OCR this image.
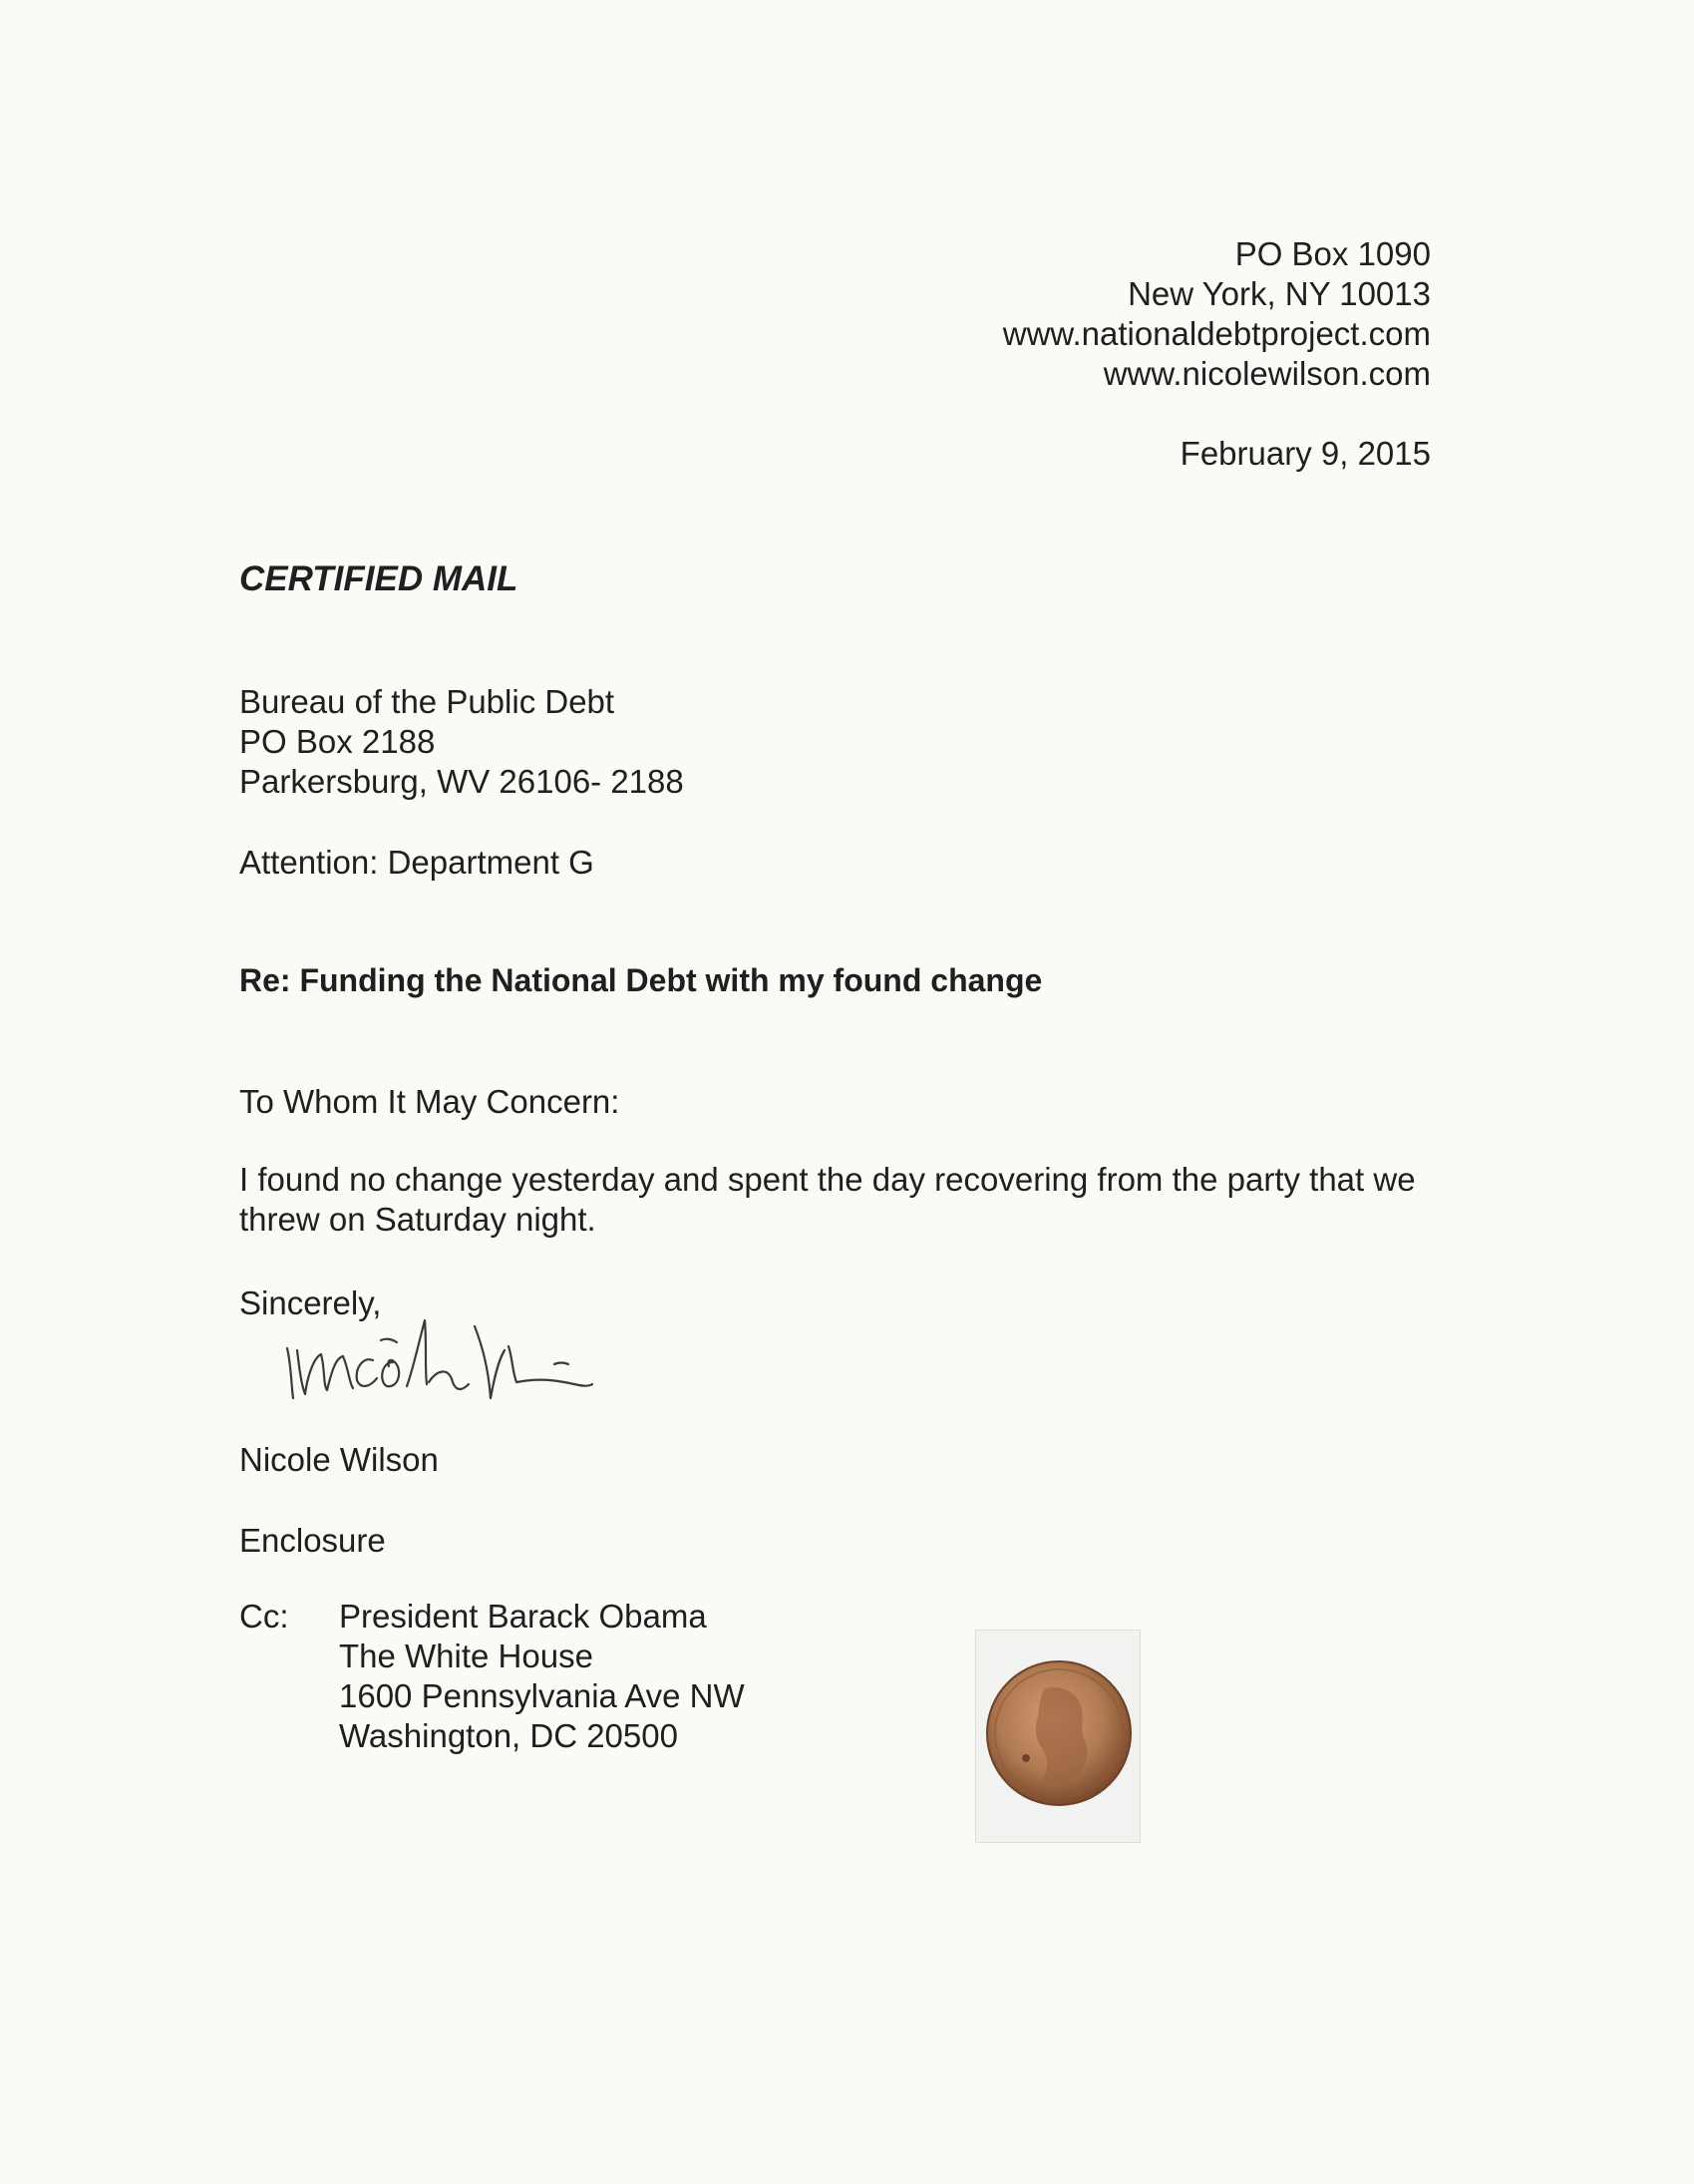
PO Box 1090

New York, NY 10013

www.nationaldebtproject.com

www.nicolewilson.com

February 9, 2015

CERTIFIED MAIL

Bureau of the Public Debt

PO Box 2188

Parkersburg, WV 26106- 2188

Attention: Department G

Re: Funding the National Debt with my found change

To Whom It May Concern:

I found no change yesterday and spent the day recovering from the party that we threw on Saturday night.

Sincerely,

Nicole Wilson

Enclosure

Cc: President Barack Obama
The White House
1600 Pennsylvania Ave NW
Washington, DC 20500
